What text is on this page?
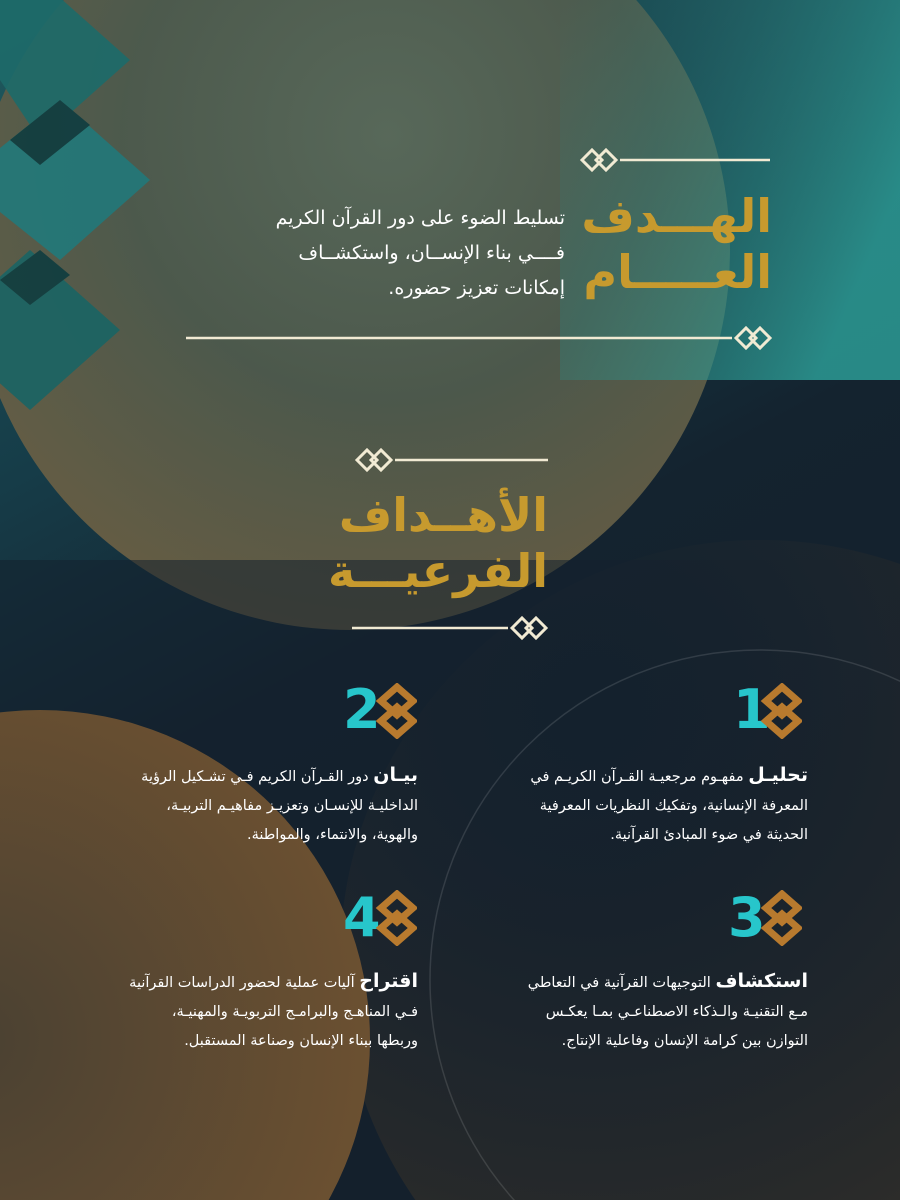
الهـــدف
العـــــام
تسليط الضوء على دور القرآن الكريم
فــــي بناء الإنســان، واستكشــاف
إمكانات تعزيز حضوره.
الأهــداف
الفرعيـــة
1
تحليـل مفهـوم مرجعيـة القـرآن الكريـم في
المعرفة الإنسانية، وتفكيك النظريات المعرفية
الحديثة في ضوء المبادئ القرآنية.
2
بيـان دور القـرآن الكريم فـي تشـكيل الرؤية
الداخليـة للإنسـان وتعزيـز مفاهيـم التربيـة،
والهوية، والانتماء، والمواطنة.
3
استكشاف التوجيهات القرآنية في التعاطي
مـع التقنيـة والـذكاء الاصطناعـي بمـا يعكـس
التوازن بين كرامة الإنسان وفاعلية الإنتاج.
4
اقتراح آليات عملية لحضور الدراسات القرآنية
فـي المناهـج والبرامـج التربويـة والمهنيـة،
وربطها ببناء الإنسان وصناعة المستقبل.
